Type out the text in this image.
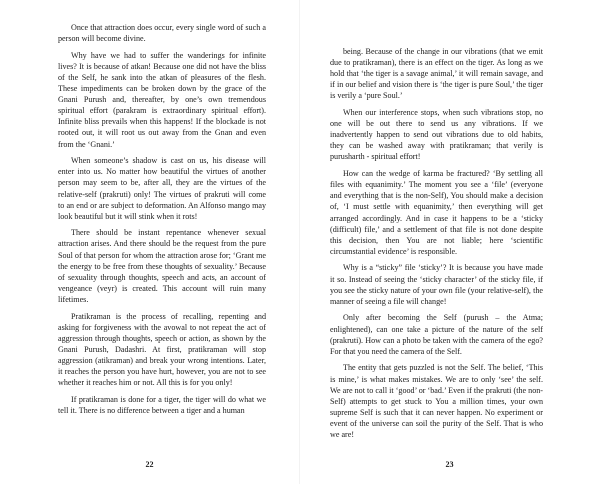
Once that attraction does occur, every single word of such a person will become divine.

Why have we had to suffer the wanderings for infinite lives? It is because of atkan! Because one did not have the bliss of the Self, he sank into the atkan of pleasures of the flesh. These impediments can be broken down by the grace of the Gnani Purush and, thereafter, by one’s own tremendous spiritual effort (parakram is extraordinary spiritual effort). Infinite bliss prevails when this happens! If the blockade is not rooted out, it will root us out away from the Gnan and even from the ‘Gnani.’

When someone’s shadow is cast on us, his disease will enter into us. No matter how beautiful the virtues of another person may seem to be, after all, they are the virtues of the relative-self (prakruti) only! The virtues of prakruti will come to an end or are subject to deformation. An Alfonso mango may look beautiful but it will stink when it rots!

There should be instant repentance whenever sexual attraction arises. And there should be the request from the pure Soul of that person for whom the attraction arose for; ‘Grant me the energy to be free from these thoughts of sexuality.’ Because of sexuality through thoughts, speech and acts, an account of vengeance (veyr) is created. This account will ruin many lifetimes.

Pratikraman is the process of recalling, repenting and asking for forgiveness with the avowal to not repeat the act of aggression through thoughts, speech or action, as shown by the Gnani Purush, Dadashri. At first, pratikraman will stop aggression (atikraman) and break your wrong intentions. Later, it reaches the person you have hurt, however, you are not to see whether it reaches him or not. All this is for you only!

If pratikraman is done for a tiger, the tiger will do what we tell it. There is no difference between a tiger and a human

22

being. Because of the change in our vibrations (that we emit due to pratikraman), there is an effect on the tiger. As long as we hold that ‘the tiger is a savage animal,’ it will remain savage, and if in our belief and vision there is ‘the tiger is pure Soul,’ the tiger is verily a ‘pure Soul.’

When our interference stops, when such vibrations stop, no one will be out there to send us any vibrations. If we inadvertently happen to send out vibrations due to old habits, they can be washed away with pratikraman; that verily is purusharth - spiritual effort!

How can the wedge of karma be fractured? ‘By settling all files with equanimity.’ The moment you see a ‘file’ (everyone and everything that is the non-Self), You should make a decision of, ‘I must settle with equanimity,’ then everything will get arranged accordingly. And in case it happens to be a ‘sticky (difficult) file,’ and a settlement of that file is not done despite this decision, then You are not liable; here ‘scientific circumstantial evidence’ is responsible.

Why is a “sticky” file ‘sticky’? It is because you have made it so. Instead of seeing the ‘sticky character’ of the sticky file, if you see the sticky nature of your own file (your relative-self), the manner of seeing a file will change!

Only after becoming the Self (purush – the Atma; enlightened), can one take a picture of the nature of the self (prakruti). How can a photo be taken with the camera of the ego? For that you need the camera of the Self.

The entity that gets puzzled is not the Self. The belief, ‘This is mine,’ is what makes mistakes. We are to only ‘see’ the self. We are not to call it ‘good’ or ‘bad.’ Even if the prakruti (the non-Self) attempts to get stuck to You a million times, your own supreme Self is such that it can never happen. No experiment or event of the universe can soil the purity of the Self. That is who we are!

23
